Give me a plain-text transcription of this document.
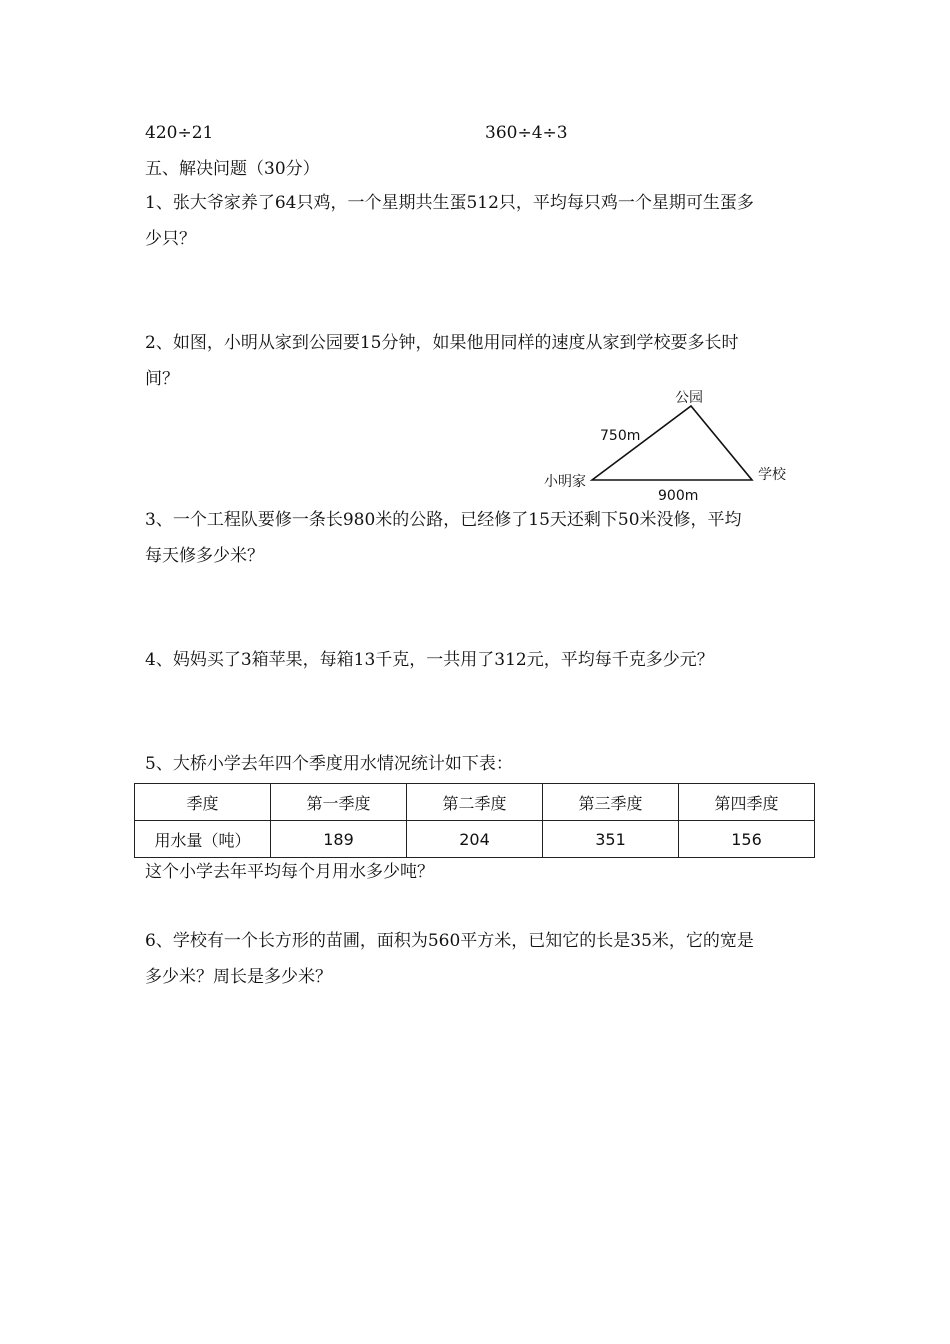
420÷21	360÷4÷3
五、解决问题（30分）
1、张大爷家养了64只鸡，一个星期共生蛋512只，平均每只鸡一个星期可生蛋多
少只？
2、如图，小明从家到公园要15分钟，如果他用同样的速度从家到学校要多长时
间？
公园
小明家	学校
750m
900m
3、一个工程队要修一条长980米的公路，已经修了15天还剩下50米没修，平均
每天修多少米？
4、妈妈买了3箱苹果，每箱13千克，一共用了312元，平均每千克多少元？
5、大桥小学去年四个季度用水情况统计如下表：
季度	第一季度	第二季度	第三季度	第四季度
用水量（吨）	189	204	351	156
这个小学去年平均每个月用水多少吨？
6、学校有一个长方形的苗圃，面积为560平方米，已知它的长是35米，它的宽是
多少米？周长是多少米？
